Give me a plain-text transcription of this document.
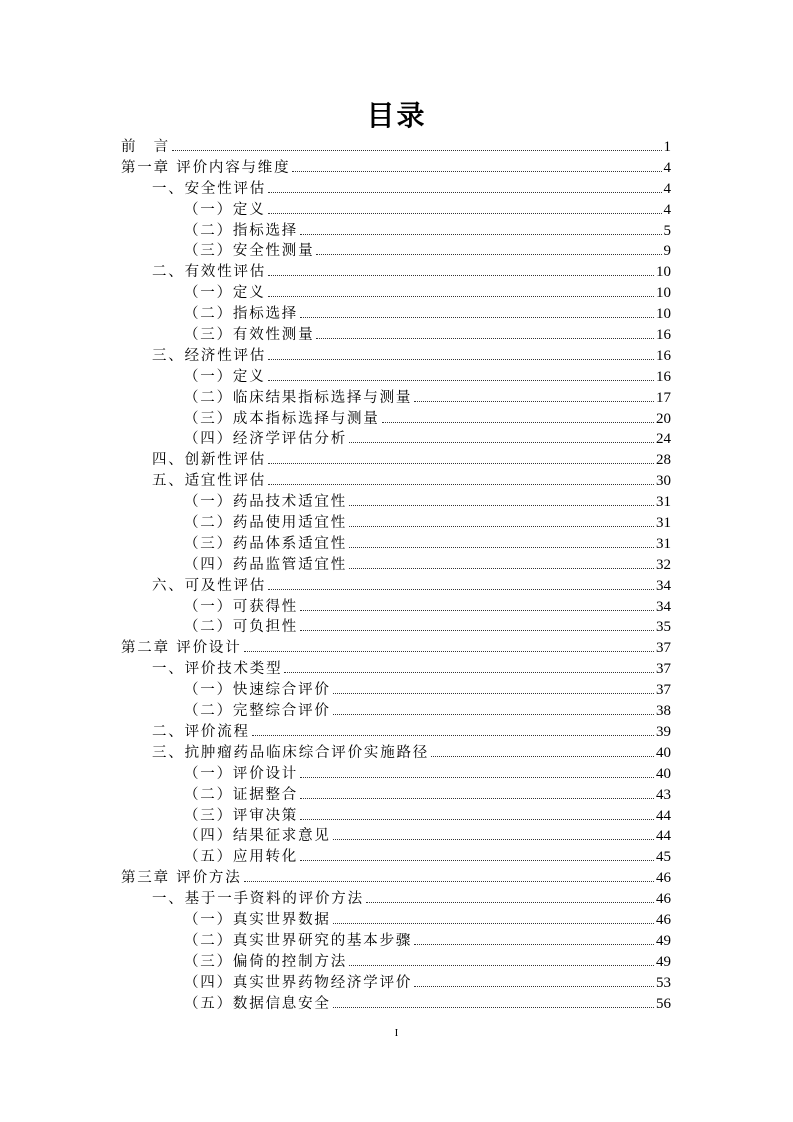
目录
前　言	1
第一章 评价内容与维度	4
一、安全性评估	4
（一）定义	4
（二）指标选择	5
（三）安全性测量	9
二、有效性评估	10
（一）定义	10
（二）指标选择	10
（三）有效性测量	16
三、经济性评估	16
（一）定义	16
（二）临床结果指标选择与测量	17
（三）成本指标选择与测量	20
（四）经济学评估分析	24
四、创新性评估	28
五、适宜性评估	30
（一）药品技术适宜性	31
（二）药品使用适宜性	31
（三）药品体系适宜性	31
（四）药品监管适宜性	32
六、可及性评估	34
（一）可获得性	34
（二）可负担性	35
第二章 评价设计	37
一、评价技术类型	37
（一）快速综合评价	37
（二）完整综合评价	38
二、评价流程	39
三、抗肿瘤药品临床综合评价实施路径	40
（一）评价设计	40
（二）证据整合	43
（三）评审决策	44
（四）结果征求意见	44
（五）应用转化	45
第三章 评价方法	46
一、基于一手资料的评价方法	46
（一）真实世界数据	46
（二）真实世界研究的基本步骤	49
（三）偏倚的控制方法	49
（四）真实世界药物经济学评价	53
（五）数据信息安全	56
I
